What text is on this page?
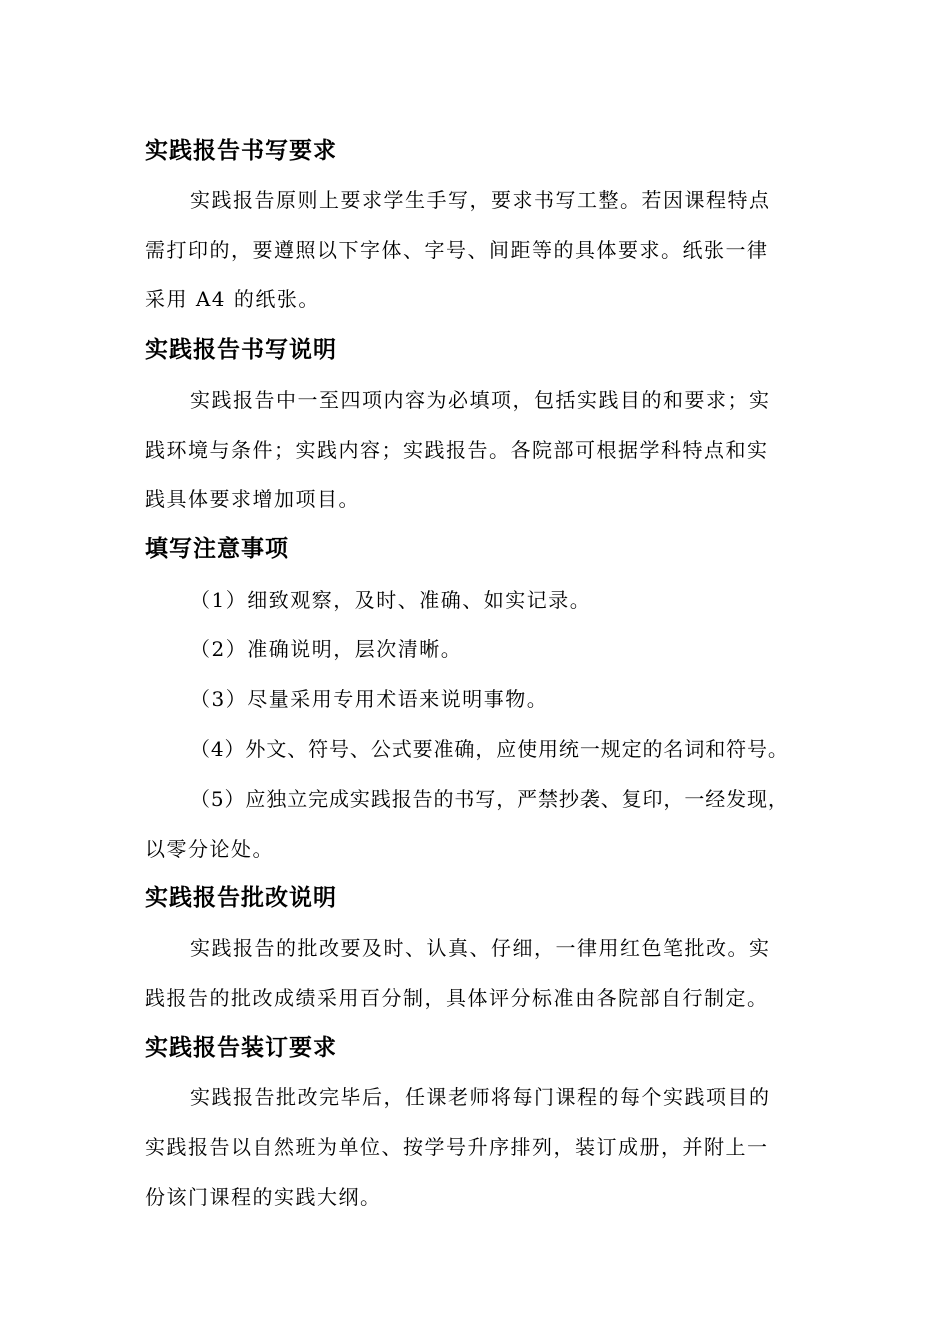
实践报告书写要求
实践报告原则上要求学生手写，要求书写工整。若因课程特点
需打印的，要遵照以下字体、字号、间距等的具体要求。纸张一律
采用 A4 的纸张。
实践报告书写说明
实践报告中一至四项内容为必填项，包括实践目的和要求；实
践环境与条件；实践内容；实践报告。各院部可根据学科特点和实
践具体要求增加项目。
填写注意事项
（1）细致观察，及时、准确、如实记录。
（2）准确说明，层次清晰。
（3）尽量采用专用术语来说明事物。
（4）外文、符号、公式要准确，应使用统一规定的名词和符号。
（5）应独立完成实践报告的书写，严禁抄袭、复印，一经发现，
以零分论处。
实践报告批改说明
实践报告的批改要及时、认真、仔细，一律用红色笔批改。实
践报告的批改成绩采用百分制，具体评分标准由各院部自行制定。
实践报告装订要求
实践报告批改完毕后，任课老师将每门课程的每个实践项目的
实践报告以自然班为单位、按学号升序排列，装订成册，并附上一
份该门课程的实践大纲。
